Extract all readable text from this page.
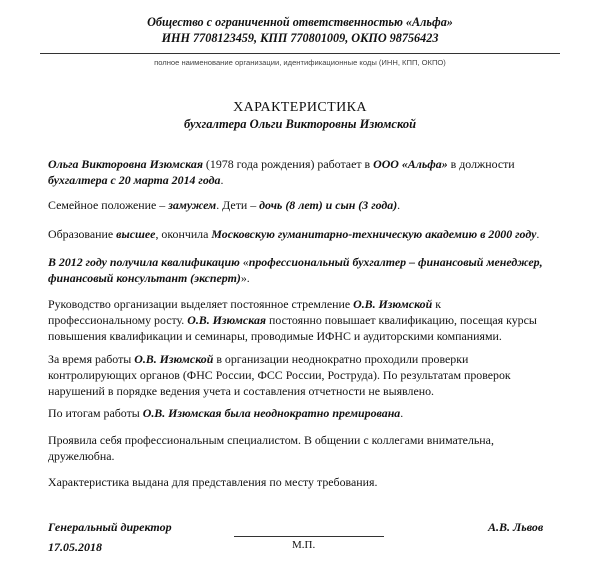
Общество с ограниченной ответственностью «Альфа»
ИНН 7708123459, КПП 770801009, ОКПО 98756423
полное наименование организации, идентификационные коды (ИНН, КПП, ОКПО)
ХАРАКТЕРИСТИКА
бухгалтера Ольги Викторовны Изюмской
Ольга Викторовна Изюмская (1978 года рождения) работает в ООО «Альфа» в должности
бухгалтера с 20 марта 2014 года.
Семейное положение – замужем. Дети – дочь (8 лет) и сын (3 года).
Образование высшее, окончила Московскую гуманитарно-техническую академию в 2000 году.
В 2012 году получила квалификацию «профессиональный бухгалтер – финансовый менеджер,
финансовый консультант (эксперт)».
Руководство организации выделяет постоянное стремление О.В. Изюмской к
профессиональному росту. О.В. Изюмская постоянно повышает квалификацию, посещая курсы
повышения квалификации и семинары, проводимые ИФНС и аудиторскими компаниями.
За время работы О.В. Изюмской в организации неоднократно проходили проверки
контролирующих органов (ФНС России, ФСС России, Роструда). По результатам проверок
нарушений в порядке ведения учета и составления отчетности не выявлено.
По итогам работы О.В. Изюмская была неоднократно премирована.
Проявила себя профессиональным специалистом. В общении с коллегами внимательна,
дружелюбна.
Характеристика выдана для представления по месту требования.
Генеральный директор
17.05.2018	М.П.
А.В. Львов
